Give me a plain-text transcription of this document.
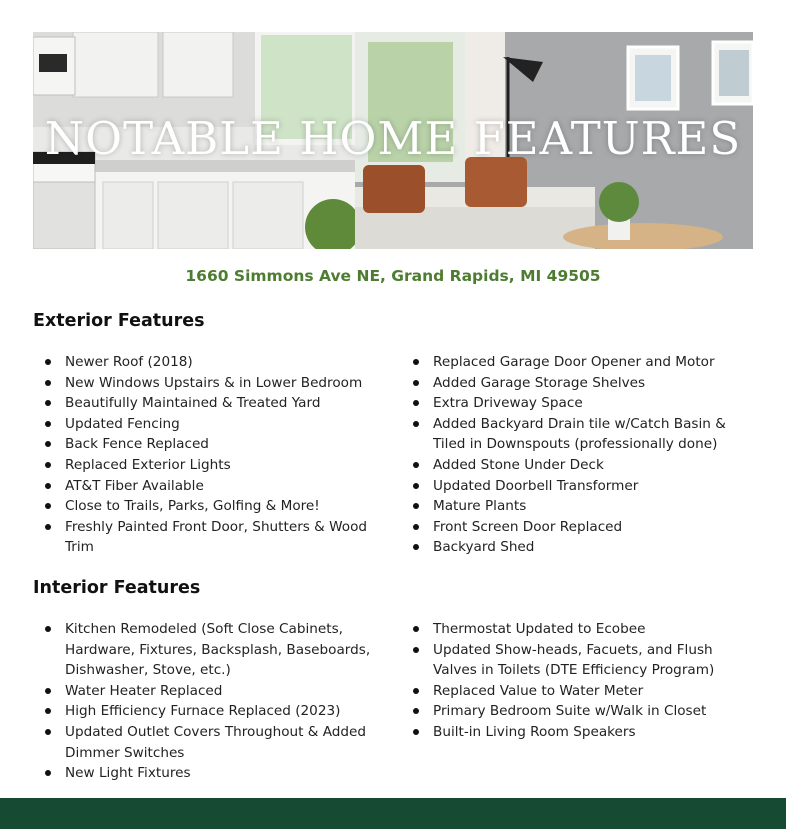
NOTABLE HOME FEATURES
1660 Simmons Ave NE, Grand Rapids, MI 49505
Exterior Features
Newer Roof (2018)
New Windows Upstairs & in Lower Bedroom
Beautifully Maintained & Treated Yard
Updated Fencing
Back Fence Replaced
Replaced Exterior Lights
AT&T Fiber Available
Close to Trails, Parks, Golfing & More!
Freshly Painted Front Door, Shutters & Wood Trim
Replaced Garage Door Opener and Motor
Added Garage Storage Shelves
Extra Driveway Space
Added Backyard Drain tile w/Catch Basin & Tiled in Downspouts (professionally done)
Added Stone Under Deck
Updated Doorbell Transformer
Mature Plants
Front Screen Door Replaced
Backyard Shed
Interior Features
Kitchen Remodeled (Soft Close Cabinets, Hardware, Fixtures, Backsplash, Baseboards, Dishwasher, Stove, etc.)
Water Heater Replaced
High Efficiency Furnace Replaced (2023)
Updated Outlet Covers Throughout & Added Dimmer Switches
New Light Fixtures
Thermostat Updated to Ecobee
Updated Show-heads, Facuets, and Flush Valves in Toilets (DTE Efficiency Program)
Replaced Value to Water Meter
Primary Bedroom Suite w/Walk in Closet
Built-in Living Room Speakers
